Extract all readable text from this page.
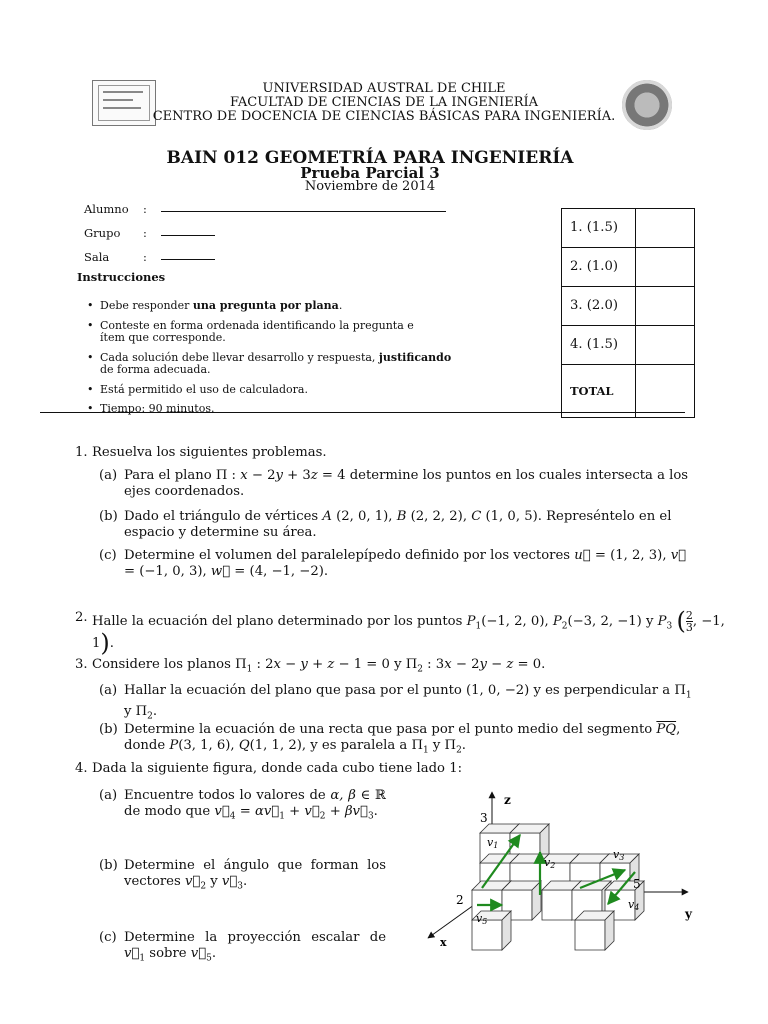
UNIVERSIDAD AUSTRAL DE CHILE
FACULTAD DE CIENCIAS DE LA INGENIERÍA
CENTRO DE DOCENCIA DE CIENCIAS BÁSICAS PARA INGENIERÍA.
BAIN 012 GEOMETRÍA PARA INGENIERÍA
Prueba Parcial 3
Noviembre de 2014
Alumno :
Grupo :
Sala	:
Instrucciones
• Debe responder una pregunta por plana.
• Conteste en forma ordenada identificando la pregunta e ítem que corresponde.
• Cada solución debe llevar desarrollo y respuesta, justificando de forma adecuada.
• Está permitido el uso de calculadora.
• Tiempo: 90 minutos.
1. (1.5)	
2. (1.0)	
3. (2.0)	
4. (1.5)	
TOTAL	
1. Resuelva los siguientes problemas.
(a) Para el plano Π : x − 2y + 3z = 4 determine los puntos en los cuales intersecta a los ejes coordenados.
(b) Dado el triángulo de vértices A (2, 0, 1), B (2, 2, 2), C (1, 0, 5). Represéntelo en el espacio y determine su área.
(c) Determine el volumen del paralelepípedo definido por los vectores u⃗ = (1, 2, 3), v⃗ = (−1, 0, 3), w⃗ = (4, −1, −2).
2. Halle la ecuación del plano determinado por los puntos $P_1(-1$, 2, 0), $P_2(-3$, 2, −1) y $P_3$ ( $\frac{2}{3}$ , −1, 1).
3. Considere los planos $\Pi_1$ : 2x − y + z − 1 = 0 y $\Pi_2$ : 3x − 2y − z = 0.
(a) Hallar la ecuación del plano que pasa por el punto (1, 0, −2) y es perpendicular a $\Pi_1$ y $\Pi_2$.
(b) Determine la ecuación de una recta que pasa por el punto medio del segmento $\overline{PQ}$, donde P(3, 1, 6), Q(1, 1, 2), y es paralela a $\Pi_1$ y $\Pi_2$.
4. Dada la siguiente figura, donde cada cubo tiene lado 1:
(a) Encuentre todos lo valores de α, β ∈ ℝ de modo que $v⃗_4$ = $\alpha v⃗_1$ + $v⃗_2$ + $\beta v⃗_3$.
(b) Determine el ángulo que forman los vectores $v⃗_2$ y $v⃗_3$.
(c) Determine la proyección escalar de $v⃗_1$ sobre $v⃗_5$.
z
y
x
3
2
5
v1
v2
v3
v4
v5
